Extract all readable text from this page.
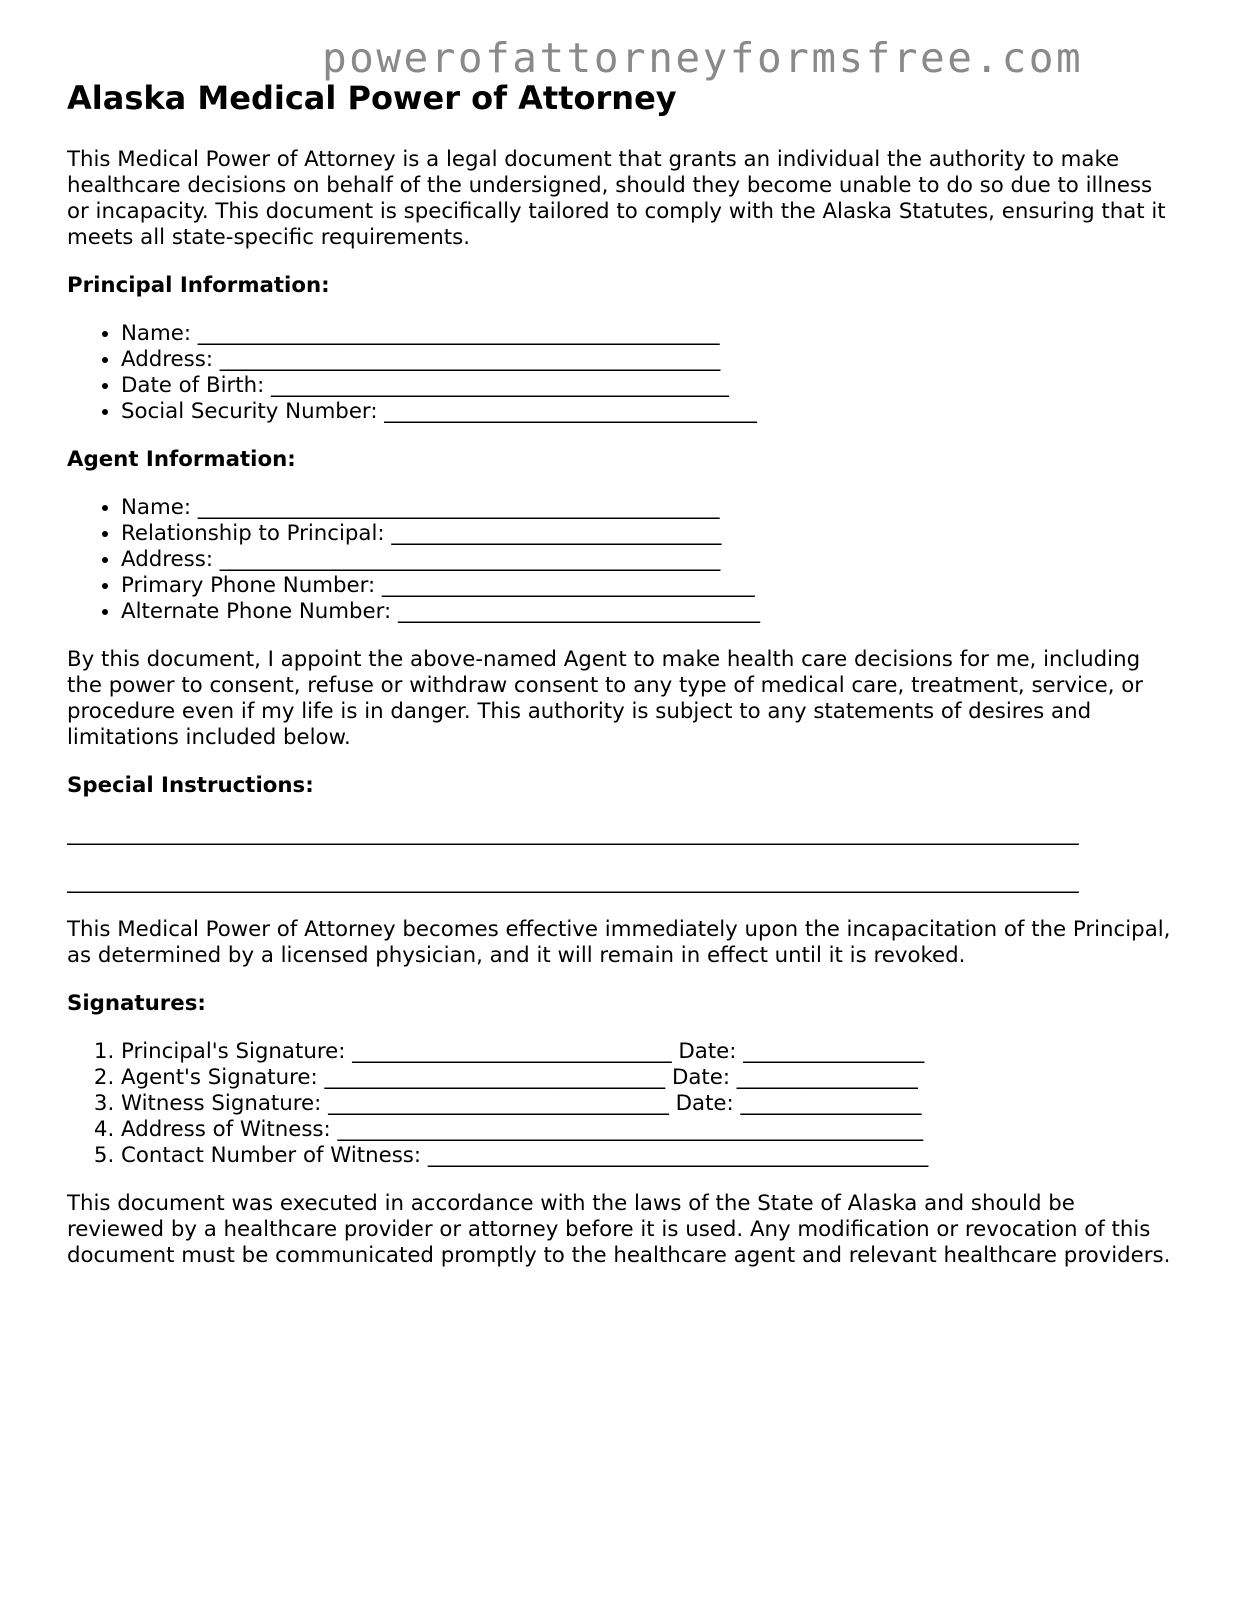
powerofattorneyformsfree.com
Alaska Medical Power of Attorney

This Medical Power of Attorney is a legal document that grants an individual the authority to make healthcare decisions on behalf of the undersigned, should they become unable to do so due to illness or incapacity. This document is specifically tailored to comply with the Alaska Statutes, ensuring that it meets all state-specific requirements.

Principal Information:
• Name: _________________________________________________
• Address: _______________________________________________
• Date of Birth: ___________________________________________
• Social Security Number: ___________________________________
Agent Information:
• Name: _________________________________________________
• Relationship to Principal: _______________________________
• Address: _______________________________________________
• Primary Phone Number: ___________________________________
• Alternate Phone Number: __________________________________

By this document, I appoint the above-named Agent to make health care decisions for me, including the power to consent, refuse or withdraw consent to any type of medical care, treatment, service, or procedure even if my life is in danger. This authority is subject to any statements of desires and limitations included below.

Special Instructions:
_______________________________________________________________________________________________
_______________________________________________________________________________________________

This Medical Power of Attorney becomes effective immediately upon the incapacitation of the Principal, as determined by a licensed physician, and it will remain in effect until it is revoked.

Signatures:
1. Principal's Signature: ______________________________ Date: _________________
2. Agent's Signature: ________________________________ Date: _________________
3. Witness Signature: ________________________________ Date: _________________
4. Address of Witness: _______________________________________________________
5. Contact Number of Witness: _______________________________________________

This document was executed in accordance with the laws of the State of Alaska and should be reviewed by a healthcare provider or attorney before it is used. Any modification or revocation of this document must be communicated promptly to the healthcare agent and relevant healthcare providers.
